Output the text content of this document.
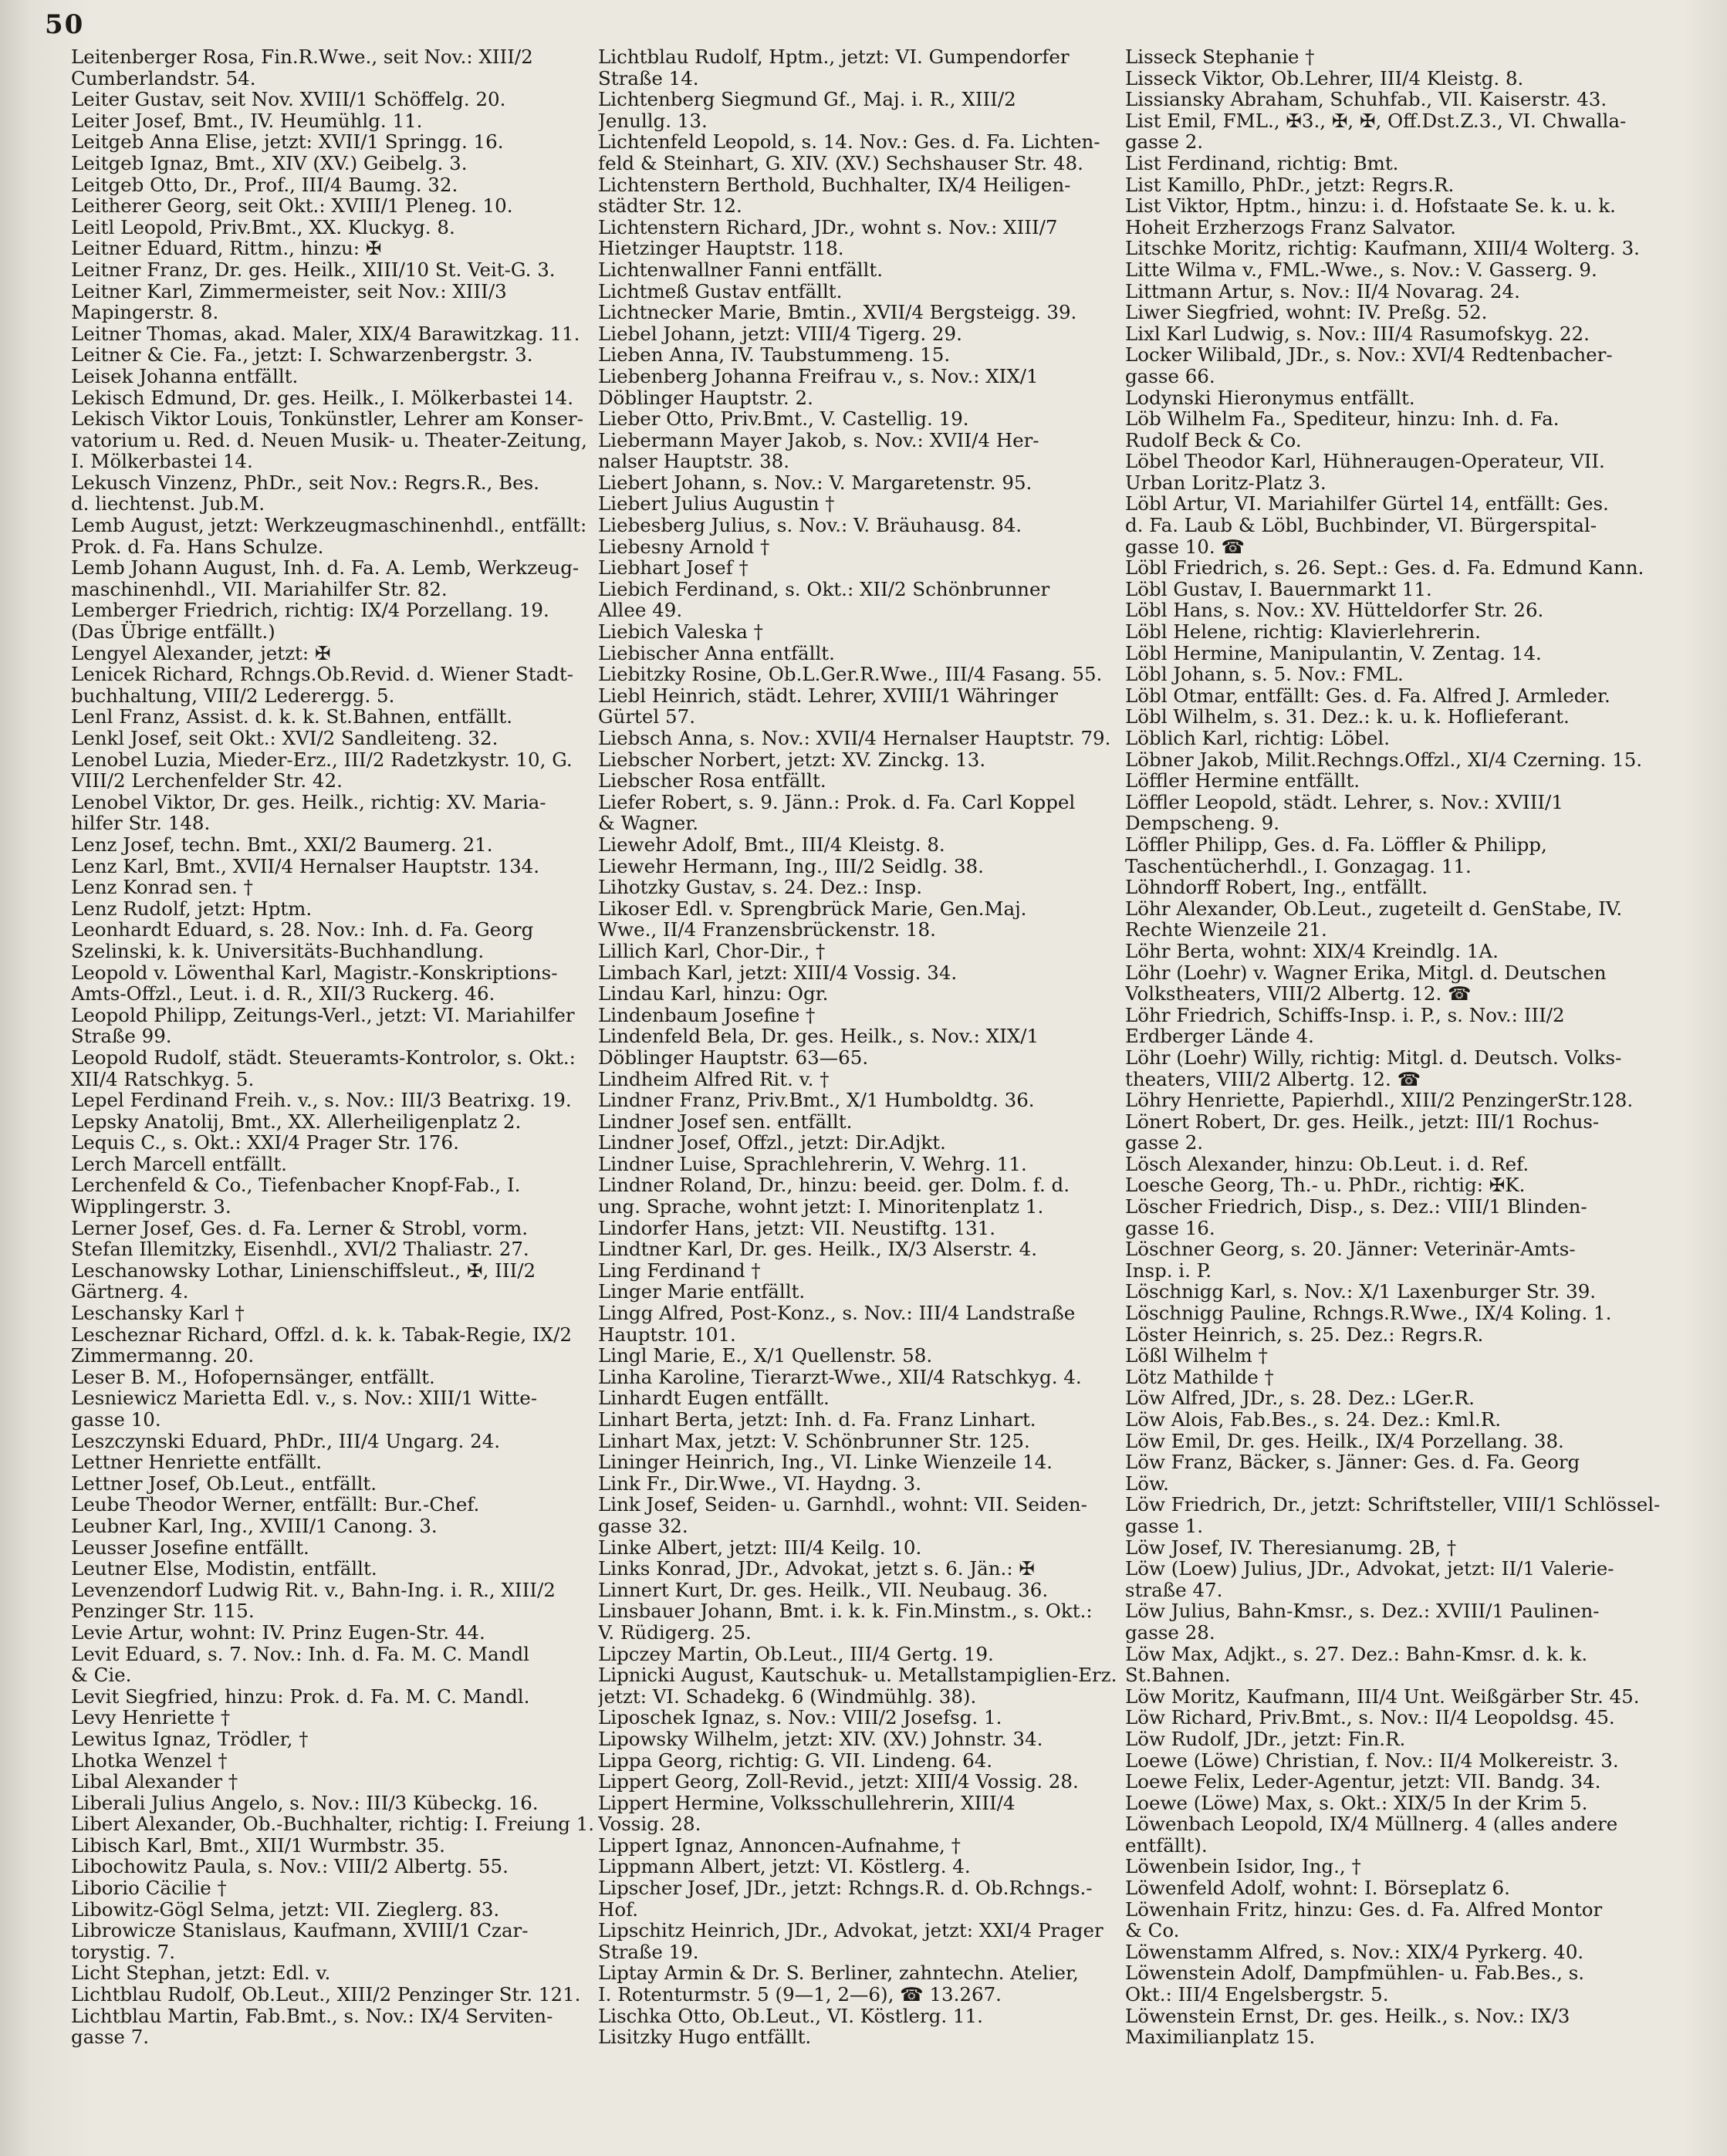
50
Leitenberger Rosa, Fin.R.Wwe., seit Nov.: XIII/2
Cumberlandstr. 54.
Leiter Gustav, seit Nov. XVIII/1 Schöffelg. 20.
Leiter Josef, Bmt., IV. Heumühlg. 11.
Leitgeb Anna Elise, jetzt: XVII/1 Springg. 16.
Leitgeb Ignaz, Bmt., XIV (XV.) Geibelg. 3.
Leitgeb Otto, Dr., Prof., III/4 Baumg. 32.
Leitherer Georg, seit Okt.: XVIII/1 Pleneg. 10.
Leitl Leopold, Priv.Bmt., XX. Kluckyg. 8.
Leitner Eduard, Rittm., hinzu: ✠
Leitner Franz, Dr. ges. Heilk., XIII/10 St. Veit-G. 3.
Leitner Karl, Zimmermeister, seit Nov.: XIII/3
Mapingerstr. 8.
Leitner Thomas, akad. Maler, XIX/4 Barawitzkag. 11.
Leitner & Cie. Fa., jetzt: I. Schwarzenbergstr. 3.
Leisek Johanna entfällt.
Lekisch Edmund, Dr. ges. Heilk., I. Mölkerbastei 14.
Lekisch Viktor Louis, Tonkünstler, Lehrer am Konser-
vatorium u. Red. d. Neuen Musik- u. Theater-Zeitung,
I. Mölkerbastei 14.
Lekusch Vinzenz, PhDr., seit Nov.: Regrs.R., Bes.
d. liechtenst. Jub.M.
Lemb August, jetzt: Werkzeugmaschinenhdl., entfällt:
Prok. d. Fa. Hans Schulze.
Lemb Johann August, Inh. d. Fa. A. Lemb, Werkzeug-
maschinenhdl., VII. Mariahilfer Str. 82.
Lemberger Friedrich, richtig: IX/4 Porzellang. 19.
(Das Übrige entfällt.)
Lengyel Alexander, jetzt: ✠
Lenicek Richard, Rchngs.Ob.Revid. d. Wiener Stadt-
buchhaltung, VIII/2 Lederergg. 5.
Lenl Franz, Assist. d. k. k. St.Bahnen, entfällt.
Lenkl Josef, seit Okt.: XVI/2 Sandleiteng. 32.
Lenobel Luzia, Mieder-Erz., III/2 Radetzkystr. 10, G.
VIII/2 Lerchenfelder Str. 42.
Lenobel Viktor, Dr. ges. Heilk., richtig: XV. Maria-
hilfer Str. 148.
Lenz Josef, techn. Bmt., XXI/2 Baumerg. 21.
Lenz Karl, Bmt., XVII/4 Hernalser Hauptstr. 134.
Lenz Konrad sen. †
Lenz Rudolf, jetzt: Hptm.
Leonhardt Eduard, s. 28. Nov.: Inh. d. Fa. Georg
Szelinski, k. k. Universitäts-Buchhandlung.
Leopold v. Löwenthal Karl, Magistr.-Konskriptions-
Amts-Offzl., Leut. i. d. R., XII/3 Ruckerg. 46.
Leopold Philipp, Zeitungs-Verl., jetzt: VI. Mariahilfer
Straße 99.
Leopold Rudolf, städt. Steueramts-Kontrolor, s. Okt.:
XII/4 Ratschkyg. 5.
Lepel Ferdinand Freih. v., s. Nov.: III/3 Beatrixg. 19.
Lepsky Anatolij, Bmt., XX. Allerheiligenplatz 2.
Lequis C., s. Okt.: XXI/4 Prager Str. 176.
Lerch Marcell entfällt.
Lerchenfeld & Co., Tiefenbacher Knopf-Fab., I.
Wipplingerstr. 3.
Lerner Josef, Ges. d. Fa. Lerner & Strobl, vorm.
Stefan Illemitzky, Eisenhdl., XVI/2 Thaliastr. 27.
Leschanowsky Lothar, Linienschiffsleut., ✠, III/2
Gärtnerg. 4.
Leschansky Karl †
Lescheznar Richard, Offzl. d. k. k. Tabak-Regie, IX/2
Zimmermanng. 20.
Leser B. M., Hofopernsänger, entfällt.
Lesniewicz Marietta Edl. v., s. Nov.: XIII/1 Witte-
gasse 10.
Leszczynski Eduard, PhDr., III/4 Ungarg. 24.
Lettner Henriette entfällt.
Lettner Josef, Ob.Leut., entfällt.
Leube Theodor Werner, entfällt: Bur.-Chef.
Leubner Karl, Ing., XVIII/1 Canong. 3.
Leusser Josefine entfällt.
Leutner Else, Modistin, entfällt.
Levenzendorf Ludwig Rit. v., Bahn-Ing. i. R., XIII/2
Penzinger Str. 115.
Levie Artur, wohnt: IV. Prinz Eugen-Str. 44.
Levit Eduard, s. 7. Nov.: Inh. d. Fa. M. C. Mandl
& Cie.
Levit Siegfried, hinzu: Prok. d. Fa. M. C. Mandl.
Levy Henriette †
Lewitus Ignaz, Trödler, †
Lhotka Wenzel †
Libal Alexander †
Liberali Julius Angelo, s. Nov.: III/3 Kübeckg. 16.
Libert Alexander, Ob.-Buchhalter, richtig: I. Freiung 1.
Libisch Karl, Bmt., XII/1 Wurmbstr. 35.
Libochowitz Paula, s. Nov.: VIII/2 Albertg. 55.
Liborio Cäcilie †
Libowitz-Gögl Selma, jetzt: VII. Zieglerg. 83.
Librowicze Stanislaus, Kaufmann, XVIII/1 Czar-
torystig. 7.
Licht Stephan, jetzt: Edl. v.
Lichtblau Rudolf, Ob.Leut., XIII/2 Penzinger Str. 121.
Lichtblau Martin, Fab.Bmt., s. Nov.: IX/4 Serviten-
gasse 7.
Lichtblau Rudolf, Hptm., jetzt: VI. Gumpendorfer
Straße 14.
Lichtenberg Siegmund Gf., Maj. i. R., XIII/2
Jenullg. 13.
Lichtenfeld Leopold, s. 14. Nov.: Ges. d. Fa. Lichten-
feld & Steinhart, G. XIV. (XV.) Sechshauser Str. 48.
Lichtenstern Berthold, Buchhalter, IX/4 Heiligen-
städter Str. 12.
Lichtenstern Richard, JDr., wohnt s. Nov.: XIII/7
Hietzinger Hauptstr. 118.
Lichtenwallner Fanni entfällt.
Lichtmeß Gustav entfällt.
Lichtnecker Marie, Bmtin., XVII/4 Bergsteigg. 39.
Liebel Johann, jetzt: VIII/4 Tigerg. 29.
Lieben Anna, IV. Taubstummeng. 15.
Liebenberg Johanna Freifrau v., s. Nov.: XIX/1
Döblinger Hauptstr. 2.
Lieber Otto, Priv.Bmt., V. Castellig. 19.
Liebermann Mayer Jakob, s. Nov.: XVII/4 Her-
nalser Hauptstr. 38.
Liebert Johann, s. Nov.: V. Margaretenstr. 95.
Liebert Julius Augustin †
Liebesberg Julius, s. Nov.: V. Bräuhausg. 84.
Liebesny Arnold †
Liebhart Josef †
Liebich Ferdinand, s. Okt.: XII/2 Schönbrunner
Allee 49.
Liebich Valeska †
Liebischer Anna entfällt.
Liebitzky Rosine, Ob.L.Ger.R.Wwe., III/4 Fasang. 55.
Liebl Heinrich, städt. Lehrer, XVIII/1 Währinger
Gürtel 57.
Liebsch Anna, s. Nov.: XVII/4 Hernalser Hauptstr. 79.
Liebscher Norbert, jetzt: XV. Zinckg. 13.
Liebscher Rosa entfällt.
Liefer Robert, s. 9. Jänn.: Prok. d. Fa. Carl Koppel
& Wagner.
Liewehr Adolf, Bmt., III/4 Kleistg. 8.
Liewehr Hermann, Ing., III/2 Seidlg. 38.
Lihotzky Gustav, s. 24. Dez.: Insp.
Likoser Edl. v. Sprengbrück Marie, Gen.Maj.
Wwe., II/4 Franzensbrückenstr. 18.
Lillich Karl, Chor-Dir., †
Limbach Karl, jetzt: XIII/4 Vossig. 34.
Lindau Karl, hinzu: Ogr.
Lindenbaum Josefine †
Lindenfeld Bela, Dr. ges. Heilk., s. Nov.: XIX/1
Döblinger Hauptstr. 63—65.
Lindheim Alfred Rit. v. †
Lindner Franz, Priv.Bmt., X/1 Humboldtg. 36.
Lindner Josef sen. entfällt.
Lindner Josef, Offzl., jetzt: Dir.Adjkt.
Lindner Luise, Sprachlehrerin, V. Wehrg. 11.
Lindner Roland, Dr., hinzu: beeid. ger. Dolm. f. d.
ung. Sprache, wohnt jetzt: I. Minoritenplatz 1.
Lindorfer Hans, jetzt: VII. Neustiftg. 131.
Lindtner Karl, Dr. ges. Heilk., IX/3 Alserstr. 4.
Ling Ferdinand †
Linger Marie entfällt.
Lingg Alfred, Post-Konz., s. Nov.: III/4 Landstraße
Hauptstr. 101.
Lingl Marie, E., X/1 Quellenstr. 58.
Linha Karoline, Tierarzt-Wwe., XII/4 Ratschkyg. 4.
Linhardt Eugen entfällt.
Linhart Berta, jetzt: Inh. d. Fa. Franz Linhart.
Linhart Max, jetzt: V. Schönbrunner Str. 125.
Lininger Heinrich, Ing., VI. Linke Wienzeile 14.
Link Fr., Dir.Wwe., VI. Haydng. 3.
Link Josef, Seiden- u. Garnhdl., wohnt: VII. Seiden-
gasse 32.
Linke Albert, jetzt: III/4 Keilg. 10.
Links Konrad, JDr., Advokat, jetzt s. 6. Jän.: ✠
Linnert Kurt, Dr. ges. Heilk., VII. Neubaug. 36.
Linsbauer Johann, Bmt. i. k. k. Fin.Minstm., s. Okt.:
V. Rüdigerg. 25.
Lipczey Martin, Ob.Leut., III/4 Gertg. 19.
Lipnicki August, Kautschuk- u. Metallstampiglien-Erz.
jetzt: VI. Schadekg. 6 (Windmühlg. 38).
Liposchek Ignaz, s. Nov.: VIII/2 Josefsg. 1.
Lipowsky Wilhelm, jetzt: XIV. (XV.) Johnstr. 34.
Lippa Georg, richtig: G. VII. Lindeng. 64.
Lippert Georg, Zoll-Revid., jetzt: XIII/4 Vossig. 28.
Lippert Hermine, Volksschullehrerin, XIII/4
Vossig. 28.
Lippert Ignaz, Annoncen-Aufnahme, †
Lippmann Albert, jetzt: VI. Köstlerg. 4.
Lipscher Josef, JDr., jetzt: Rchngs.R. d. Ob.Rchngs.-
Hof.
Lipschitz Heinrich, JDr., Advokat, jetzt: XXI/4 Prager
Straße 19.
Liptay Armin & Dr. S. Berliner, zahntechn. Atelier,
I. Rotenturmstr. 5 (9—1, 2—6), ☎ 13.267.
Lischka Otto, Ob.Leut., VI. Köstlerg. 11.
Lisitzky Hugo entfällt.
Lisseck Stephanie †
Lisseck Viktor, Ob.Lehrer, III/4 Kleistg. 8.
Lissiansky Abraham, Schuhfab., VII. Kaiserstr. 43.
List Emil, FML., ✠3., ✠, ✠, Off.Dst.Z.3., VI. Chwalla-
gasse 2.
List Ferdinand, richtig: Bmt.
List Kamillo, PhDr., jetzt: Regrs.R.
List Viktor, Hptm., hinzu: i. d. Hofstaate Se. k. u. k.
Hoheit Erzherzogs Franz Salvator.
Litschke Moritz, richtig: Kaufmann, XIII/4 Wolterg. 3.
Litte Wilma v., FML.-Wwe., s. Nov.: V. Gasserg. 9.
Littmann Artur, s. Nov.: II/4 Novarag. 24.
Liwer Siegfried, wohnt: IV. Preßg. 52.
Lixl Karl Ludwig, s. Nov.: III/4 Rasumofskyg. 22.
Locker Wilibald, JDr., s. Nov.: XVI/4 Redtenbacher-
gasse 66.
Lodynski Hieronymus entfällt.
Löb Wilhelm Fa., Spediteur, hinzu: Inh. d. Fa.
Rudolf Beck & Co.
Löbel Theodor Karl, Hühneraugen-Operateur, VII.
Urban Loritz-Platz 3.
Löbl Artur, VI. Mariahilfer Gürtel 14, entfällt: Ges.
d. Fa. Laub & Löbl, Buchbinder, VI. Bürgerspital-
gasse 10. ☎
Löbl Friedrich, s. 26. Sept.: Ges. d. Fa. Edmund Kann.
Löbl Gustav, I. Bauernmarkt 11.
Löbl Hans, s. Nov.: XV. Hütteldorfer Str. 26.
Löbl Helene, richtig: Klavierlehrerin.
Löbl Hermine, Manipulantin, V. Zentag. 14.
Löbl Johann, s. 5. Nov.: FML.
Löbl Otmar, entfällt: Ges. d. Fa. Alfred J. Armleder.
Löbl Wilhelm, s. 31. Dez.: k. u. k. Hoflieferant.
Löblich Karl, richtig: Löbel.
Löbner Jakob, Milit.Rechngs.Offzl., XI/4 Czerning. 15.
Löffler Hermine entfällt.
Löffler Leopold, städt. Lehrer, s. Nov.: XVIII/1
Dempscheng. 9.
Löffler Philipp, Ges. d. Fa. Löffler & Philipp,
Taschentücherhdl., I. Gonzagag. 11.
Löhndorff Robert, Ing., entfällt.
Löhr Alexander, Ob.Leut., zugeteilt d. GenStabe, IV.
Rechte Wienzeile 21.
Löhr Berta, wohnt: XIX/4 Kreindlg. 1A.
Löhr (Loehr) v. Wagner Erika, Mitgl. d. Deutschen
Volkstheaters, VIII/2 Albertg. 12. ☎
Löhr Friedrich, Schiffs-Insp. i. P., s. Nov.: III/2
Erdberger Lände 4.
Löhr (Loehr) Willy, richtig: Mitgl. d. Deutsch. Volks-
theaters, VIII/2 Albertg. 12. ☎
Löhry Henriette, Papierhdl., XIII/2 PenzingerStr.128.
Lönert Robert, Dr. ges. Heilk., jetzt: III/1 Rochus-
gasse 2.
Lösch Alexander, hinzu: Ob.Leut. i. d. Ref.
Loesche Georg, Th.- u. PhDr., richtig: ✠K.
Löscher Friedrich, Disp., s. Dez.: VIII/1 Blinden-
gasse 16.
Löschner Georg, s. 20. Jänner: Veterinär-Amts-
Insp. i. P.
Löschnigg Karl, s. Nov.: X/1 Laxenburger Str. 39.
Löschnigg Pauline, Rchngs.R.Wwe., IX/4 Koling. 1.
Löster Heinrich, s. 25. Dez.: Regrs.R.
Lößl Wilhelm †
Lötz Mathilde †
Löw Alfred, JDr., s. 28. Dez.: LGer.R.
Löw Alois, Fab.Bes., s. 24. Dez.: Kml.R.
Löw Emil, Dr. ges. Heilk., IX/4 Porzellang. 38.
Löw Franz, Bäcker, s. Jänner: Ges. d. Fa. Georg
Löw.
Löw Friedrich, Dr., jetzt: Schriftsteller, VIII/1 Schlössel-
gasse 1.
Löw Josef, IV. Theresianumg. 2B, †
Löw (Loew) Julius, JDr., Advokat, jetzt: II/1 Valerie-
straße 47.
Löw Julius, Bahn-Kmsr., s. Dez.: XVIII/1 Paulinen-
gasse 28.
Löw Max, Adjkt., s. 27. Dez.: Bahn-Kmsr. d. k. k.
St.Bahnen.
Löw Moritz, Kaufmann, III/4 Unt. Weißgärber Str. 45.
Löw Richard, Priv.Bmt., s. Nov.: II/4 Leopoldsg. 45.
Löw Rudolf, JDr., jetzt: Fin.R.
Loewe (Löwe) Christian, f. Nov.: II/4 Molkereistr. 3.
Loewe Felix, Leder-Agentur, jetzt: VII. Bandg. 34.
Loewe (Löwe) Max, s. Okt.: XIX/5 In der Krim 5.
Löwenbach Leopold, IX/4 Müllnerg. 4 (alles andere
entfällt).
Löwenbein Isidor, Ing., †
Löwenfeld Adolf, wohnt: I. Börseplatz 6.
Löwenhain Fritz, hinzu: Ges. d. Fa. Alfred Montor
& Co.
Löwenstamm Alfred, s. Nov.: XIX/4 Pyrkerg. 40.
Löwenstein Adolf, Dampfmühlen- u. Fab.Bes., s.
Okt.: III/4 Engelsbergstr. 5.
Löwenstein Ernst, Dr. ges. Heilk., s. Nov.: IX/3
Maximilianplatz 15.
